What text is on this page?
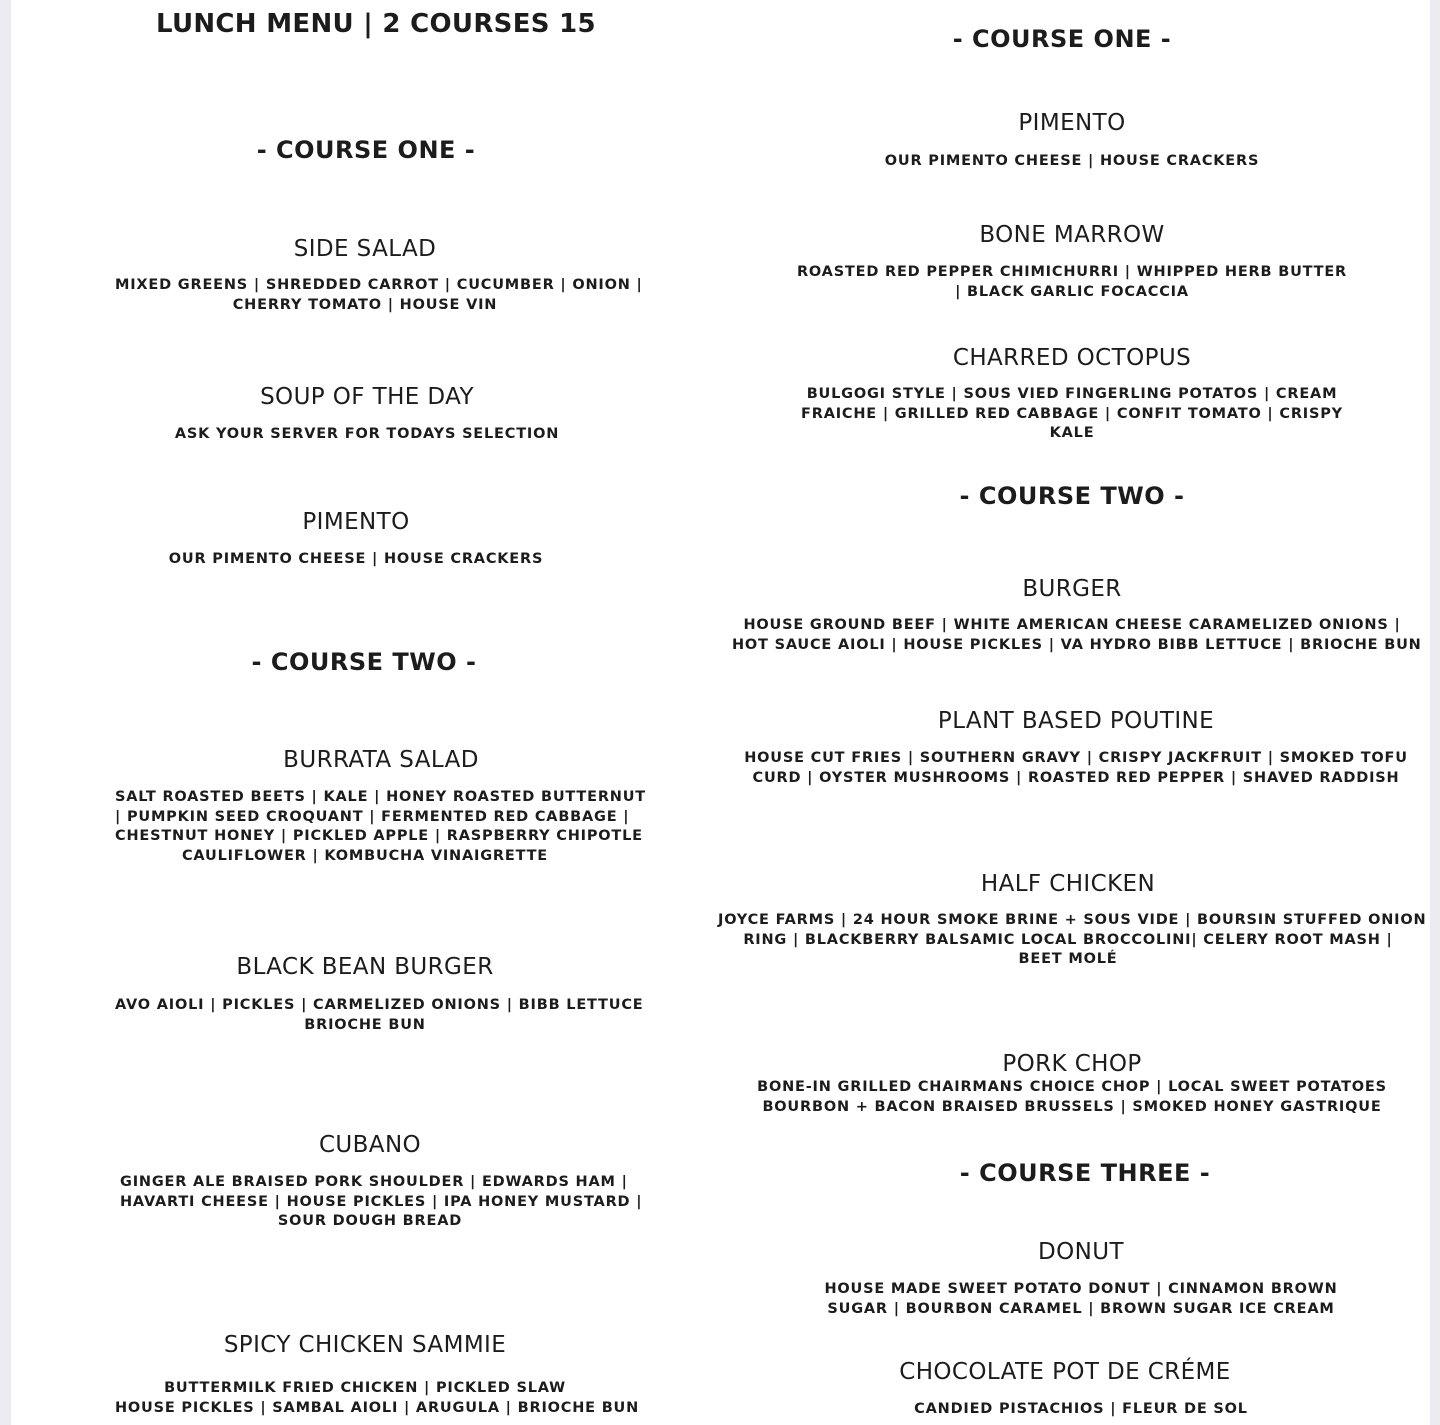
LUNCH MENU | 2 COURSES 15
- COURSE ONE -
SIDE SALAD
MIXED GREENS | SHREDDED CARROT | CUCUMBER | ONION |
CHERRY TOMATO | HOUSE VIN
SOUP OF THE DAY
ASK YOUR SERVER FOR TODAYS SELECTION
PIMENTO
OUR PIMENTO CHEESE | HOUSE CRACKERS
- COURSE TWO -
BURRATA SALAD
SALT ROASTED BEETS | KALE | HONEY ROASTED BUTTERNUT
| PUMPKIN SEED CROQUANT | FERMENTED RED CABBAGE |
CHESTNUT HONEY | PICKLED APPLE | RASPBERRY CHIPOTLE
CAULIFLOWER | KOMBUCHA VINAIGRETTE
BLACK BEAN BURGER
AVO AIOLI | PICKLES | CARMELIZED ONIONS | BIBB LETTUCE
BRIOCHE BUN
CUBANO
GINGER ALE BRAISED PORK SHOULDER | EDWARDS HAM |
HAVARTI CHEESE | HOUSE PICKLES | IPA HONEY MUSTARD |
SOUR DOUGH BREAD
SPICY CHICKEN SAMMIE
BUTTERMILK FRIED CHICKEN | PICKLED SLAW
HOUSE PICKLES | SAMBAL AIOLI | ARUGULA | BRIOCHE BUN
- COURSE ONE -
PIMENTO
OUR PIMENTO CHEESE | HOUSE CRACKERS
BONE MARROW
ROASTED RED PEPPER CHIMICHURRI | WHIPPED HERB BUTTER
| BLACK GARLIC FOCACCIA
CHARRED OCTOPUS
BULGOGI STYLE | SOUS VIED FINGERLING POTATOS | CREAM
FRAICHE | GRILLED RED CABBAGE | CONFIT TOMATO | CRISPY
KALE
- COURSE TWO -
BURGER
HOUSE GROUND BEEF | WHITE AMERICAN CHEESE CARAMELIZED ONIONS |
HOT SAUCE AIOLI | HOUSE PICKLES | VA HYDRO BIBB LETTUCE | BRIOCHE BUN
PLANT BASED POUTINE
HOUSE CUT FRIES | SOUTHERN GRAVY | CRISPY JACKFRUIT | SMOKED TOFU
CURD | OYSTER MUSHROOMS | ROASTED RED PEPPER | SHAVED RADDISH
HALF CHICKEN
JOYCE FARMS | 24 HOUR SMOKE BRINE + SOUS VIDE | BOURSIN STUFFED ONION
RING | BLACKBERRY BALSAMIC LOCAL BROCCOLINI| CELERY ROOT MASH |
BEET MOLÉ
PORK CHOP
BONE-IN GRILLED CHAIRMANS CHOICE CHOP | LOCAL SWEET POTATOES
BOURBON + BACON BRAISED BRUSSELS | SMOKED HONEY GASTRIQUE
- COURSE THREE -
DONUT
HOUSE MADE SWEET POTATO DONUT | CINNAMON BROWN
SUGAR | BOURBON CARAMEL | BROWN SUGAR ICE CREAM
CHOCOLATE POT DE CRÉME
CANDIED PISTACHIOS | FLEUR DE SOL
